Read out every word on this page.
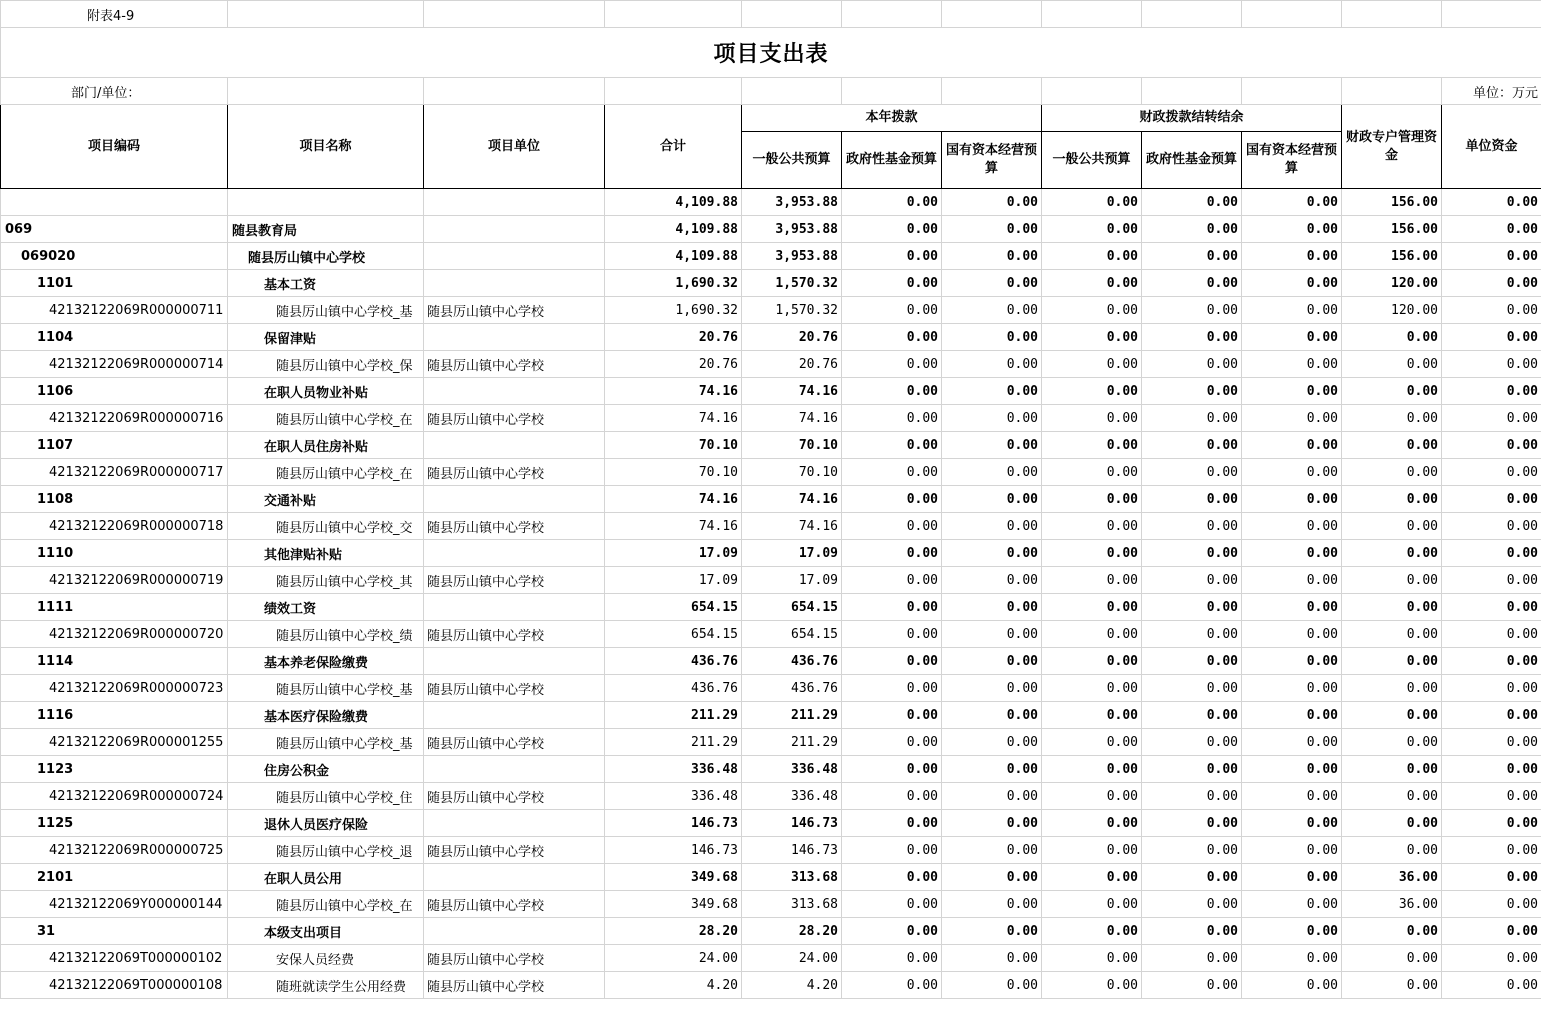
附表4-9											
项目支出表											
部门/单位：											单位：万元
项目编码	项目名称	项目单位	合计	本年拨款			财政拨款结转结余			财政专户管理资金	单位资金
				一般公共预算	政府性基金预算	国有资本经营预算	一般公共预算	政府性基金预算	国有资本经营预算		
			4,109.88	3,953.88	0.00	0.00	0.00	0.00	0.00	156.00	0.00
069	随县教育局		4,109.88	3,953.88	0.00	0.00	0.00	0.00	0.00	156.00	0.00
069020	随县厉山镇中心学校		4,109.88	3,953.88	0.00	0.00	0.00	0.00	0.00	156.00	0.00
1101	基本工资		1,690.32	1,570.32	0.00	0.00	0.00	0.00	0.00	120.00	0.00
42132122069R000000711	随县厉山镇中心学校_基	随县厉山镇中心学校	1,690.32	1,570.32	0.00	0.00	0.00	0.00	0.00	120.00	0.00
1104	保留津贴		20.76	20.76	0.00	0.00	0.00	0.00	0.00	0.00	0.00
42132122069R000000714	随县厉山镇中心学校_保	随县厉山镇中心学校	20.76	20.76	0.00	0.00	0.00	0.00	0.00	0.00	0.00
1106	在职人员物业补贴		74.16	74.16	0.00	0.00	0.00	0.00	0.00	0.00	0.00
42132122069R000000716	随县厉山镇中心学校_在	随县厉山镇中心学校	74.16	74.16	0.00	0.00	0.00	0.00	0.00	0.00	0.00
1107	在职人员住房补贴		70.10	70.10	0.00	0.00	0.00	0.00	0.00	0.00	0.00
42132122069R000000717	随县厉山镇中心学校_在	随县厉山镇中心学校	70.10	70.10	0.00	0.00	0.00	0.00	0.00	0.00	0.00
1108	交通补贴		74.16	74.16	0.00	0.00	0.00	0.00	0.00	0.00	0.00
42132122069R000000718	随县厉山镇中心学校_交	随县厉山镇中心学校	74.16	74.16	0.00	0.00	0.00	0.00	0.00	0.00	0.00
1110	其他津贴补贴		17.09	17.09	0.00	0.00	0.00	0.00	0.00	0.00	0.00
42132122069R000000719	随县厉山镇中心学校_其	随县厉山镇中心学校	17.09	17.09	0.00	0.00	0.00	0.00	0.00	0.00	0.00
1111	绩效工资		654.15	654.15	0.00	0.00	0.00	0.00	0.00	0.00	0.00
42132122069R000000720	随县厉山镇中心学校_绩	随县厉山镇中心学校	654.15	654.15	0.00	0.00	0.00	0.00	0.00	0.00	0.00
1114	基本养老保险缴费		436.76	436.76	0.00	0.00	0.00	0.00	0.00	0.00	0.00
42132122069R000000723	随县厉山镇中心学校_基	随县厉山镇中心学校	436.76	436.76	0.00	0.00	0.00	0.00	0.00	0.00	0.00
1116	基本医疗保险缴费		211.29	211.29	0.00	0.00	0.00	0.00	0.00	0.00	0.00
42132122069R000001255	随县厉山镇中心学校_基	随县厉山镇中心学校	211.29	211.29	0.00	0.00	0.00	0.00	0.00	0.00	0.00
1123	住房公积金		336.48	336.48	0.00	0.00	0.00	0.00	0.00	0.00	0.00
42132122069R000000724	随县厉山镇中心学校_住	随县厉山镇中心学校	336.48	336.48	0.00	0.00	0.00	0.00	0.00	0.00	0.00
1125	退休人员医疗保险		146.73	146.73	0.00	0.00	0.00	0.00	0.00	0.00	0.00
42132122069R000000725	随县厉山镇中心学校_退	随县厉山镇中心学校	146.73	146.73	0.00	0.00	0.00	0.00	0.00	0.00	0.00
2101	在职人员公用		349.68	313.68	0.00	0.00	0.00	0.00	0.00	36.00	0.00
42132122069Y000000144	随县厉山镇中心学校_在	随县厉山镇中心学校	349.68	313.68	0.00	0.00	0.00	0.00	0.00	36.00	0.00
31	本级支出项目		28.20	28.20	0.00	0.00	0.00	0.00	0.00	0.00	0.00
42132122069T000000102	安保人员经费	随县厉山镇中心学校	24.00	24.00	0.00	0.00	0.00	0.00	0.00	0.00	0.00
42132122069T000000108	随班就读学生公用经费	随县厉山镇中心学校	4.20	4.20	0.00	0.00	0.00	0.00	0.00	0.00	0.00
